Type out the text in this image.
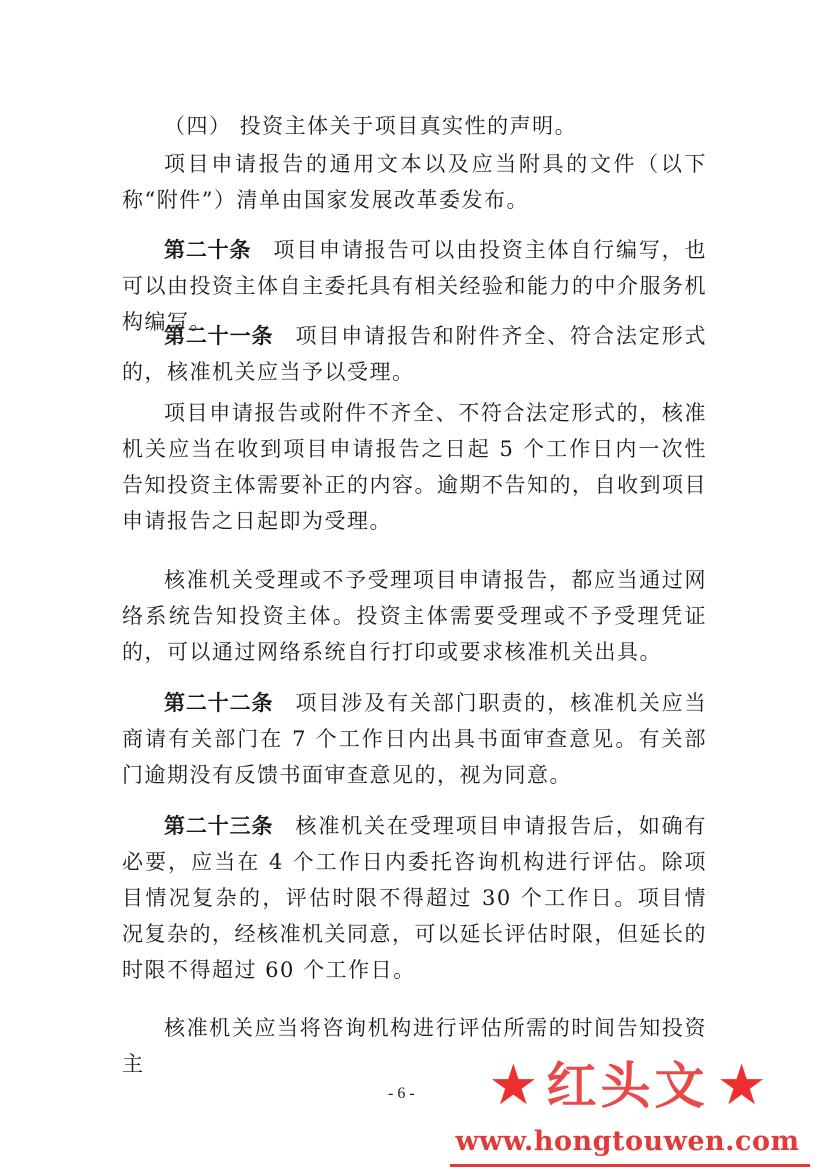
（四） 投资主体关于项目真实性的声明。

项目申请报告的通用文本以及应当附具的文件（以下称“附件”）清单由国家发展改革委发布。

第二十条 项目申请报告可以由投资主体自行编写，也可以由投资主体自主委托具有相关经验和能力的中介服务机构编写。

第二十一条 项目申请报告和附件齐全、符合法定形式的，核准机关应当予以受理。

项目申请报告或附件不齐全、不符合法定形式的，核准机关应当在收到项目申请报告之日起 5 个工作日内一次性告知投资主体需要补正的内容。逾期不告知的，自收到项目申请报告之日起即为受理。

核准机关受理或不予受理项目申请报告，都应当通过网络系统告知投资主体。投资主体需要受理或不予受理凭证的，可以通过网络系统自行打印或要求核准机关出具。

第二十二条 项目涉及有关部门职责的，核准机关应当商请有关部门在 7 个工作日内出具书面审查意见。有关部门逾期没有反馈书面审查意见的，视为同意。

第二十三条 核准机关在受理项目申请报告后，如确有必要，应当在 4 个工作日内委托咨询机构进行评估。除项目情况复杂的，评估时限不得超过 30 个工作日。项目情况复杂的，经核准机关同意，可以延长评估时限，但延长的时限不得超过 60 个工作日。

核准机关应当将咨询机构进行评估所需的时间告知投资主

- 6 - ★ 红头文 ★
www.hongtouwen.com
